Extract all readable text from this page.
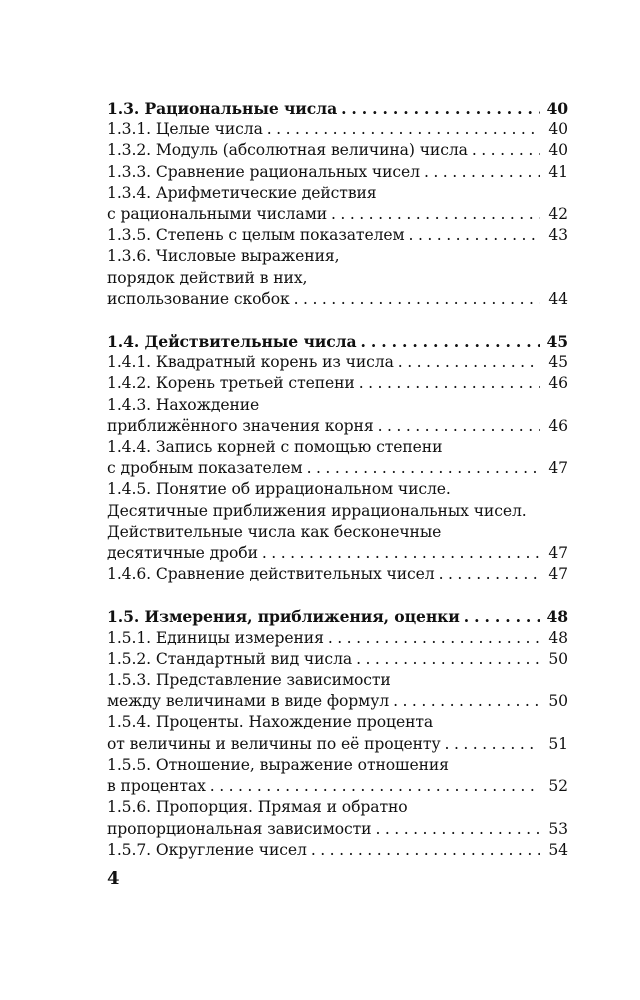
1.3. Рациональные числа . . .	40
1.3.1. Целые числа . . .	40
1.3.2. Модуль (абсолютная величина) числа . . .	40
1.3.3. Сравнение рациональных чисел . . .	41
1.3.4. Арифметические действия
с рациональными числами . . .	42
1.3.5. Степень с целым показателем . . .	43
1.3.6. Числовые выражения,
порядок действий в них,
использование скобок . . .	44
1.4. Действительные числа . . .	45
1.4.1. Квадратный корень из числа . . .	45
1.4.2. Корень третьей степени . . .	46
1.4.3. Нахождение
приближённого значения корня . . .	46
1.4.4. Запись корней с помощью степени
с дробным показателем . . .	47
1.4.5. Понятие об иррациональном числе.
Десятичные приближения иррациональных чисел.
Действительные числа как бесконечные
десятичные дроби . . .	47
1.4.6. Сравнение действительных чисел . . .	47
1.5. Измерения, приближения, оценки . . .	48
1.5.1. Единицы измерения . . .	48
1.5.2. Стандартный вид числа . . .	50
1.5.3. Представление зависимости
между величинами в виде формул . . .	50
1.5.4. Проценты. Нахождение процента
от величины и величины по её проценту . . .	51
1.5.5. Отношение, выражение отношения
в процентах . . .	52
1.5.6. Пропорция. Прямая и обратно
пропорциональная зависимости . . .	53
1.5.7. Округление чисел . . .	54
4
